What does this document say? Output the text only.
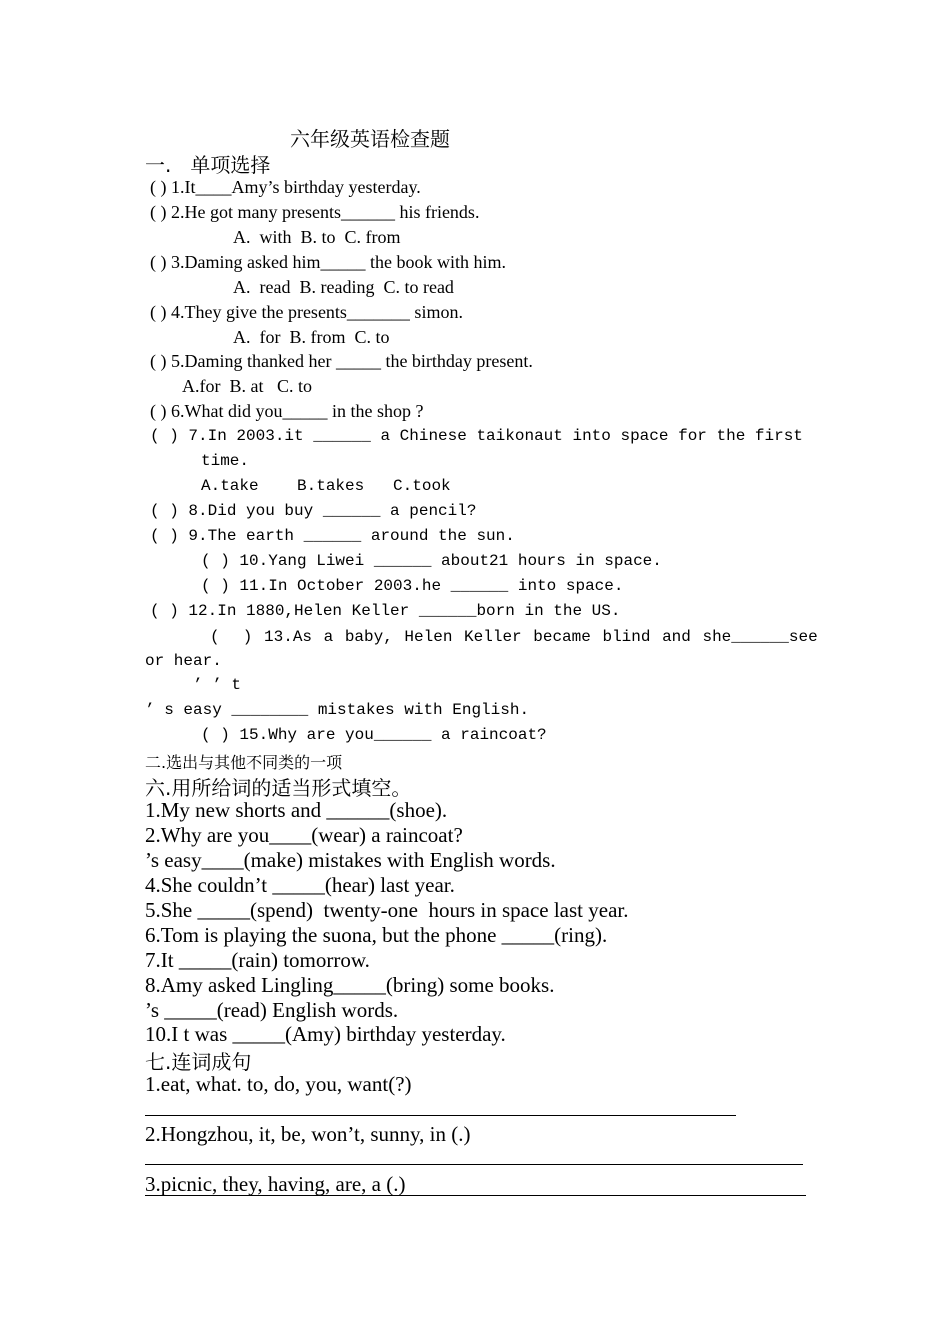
六年级英语检查题
一.   单项选择
( ) 1.It____Amy’s birthday yesterday.
( ) 2.He got many presents______ his friends.
A.  with  B. to  C. from
( ) 3.Daming asked him_____ the book with him.
A.  read  B. reading  C. to read
( ) 4.They give the presents_______ simon.
A.  for  B. from  C. to
( ) 5.Daming thanked her _____ the birthday present.
A.for  B. at   C. to
( ) 6.What did you_____ in the shop ?
( ) 7.In 2003.it ______ a Chinese taikonaut into space for the first
time.
A.take    B.takes   C.took
( ) 8.Did you buy ______ a pencil?
( ) 9.The earth ______ around the sun.
( ) 10.Yang Liwei ______ about21 hours in space.
( ) 11.In October 2003.he ______ into space.
( ) 12.In 1880,Helen Keller ______born in the US.
(  ) 13.As a baby, Helen Keller became blind and she______see
or hear.
’ ’ t
’ s easy ________ mistakes with English.
( ) 15.Why are you______ a raincoat?
二.选出与其他不同类的一项
六.用所给词的适当形式填空。
1.My new shorts and ______(shoe).
2.Why are you____(wear) a raincoat?
’s easy____(make) mistakes with English words.
4.She couldn’t _____(hear) last year.
5.She _____(spend)  twenty-one  hours in space last year.
6.Tom is playing the suona, but the phone _____(ring).
7.It _____(rain) tomorrow.
8.Amy asked Lingling_____(bring) some books.
’s _____(read) English words.
10.I t was _____(Amy) birthday yesterday.
七.连词成句
1.eat, what. to, do, you, want(?)
2.Hongzhou, it, be, won’t, sunny, in (.)
3.picnic, they, having, are, a (.)
